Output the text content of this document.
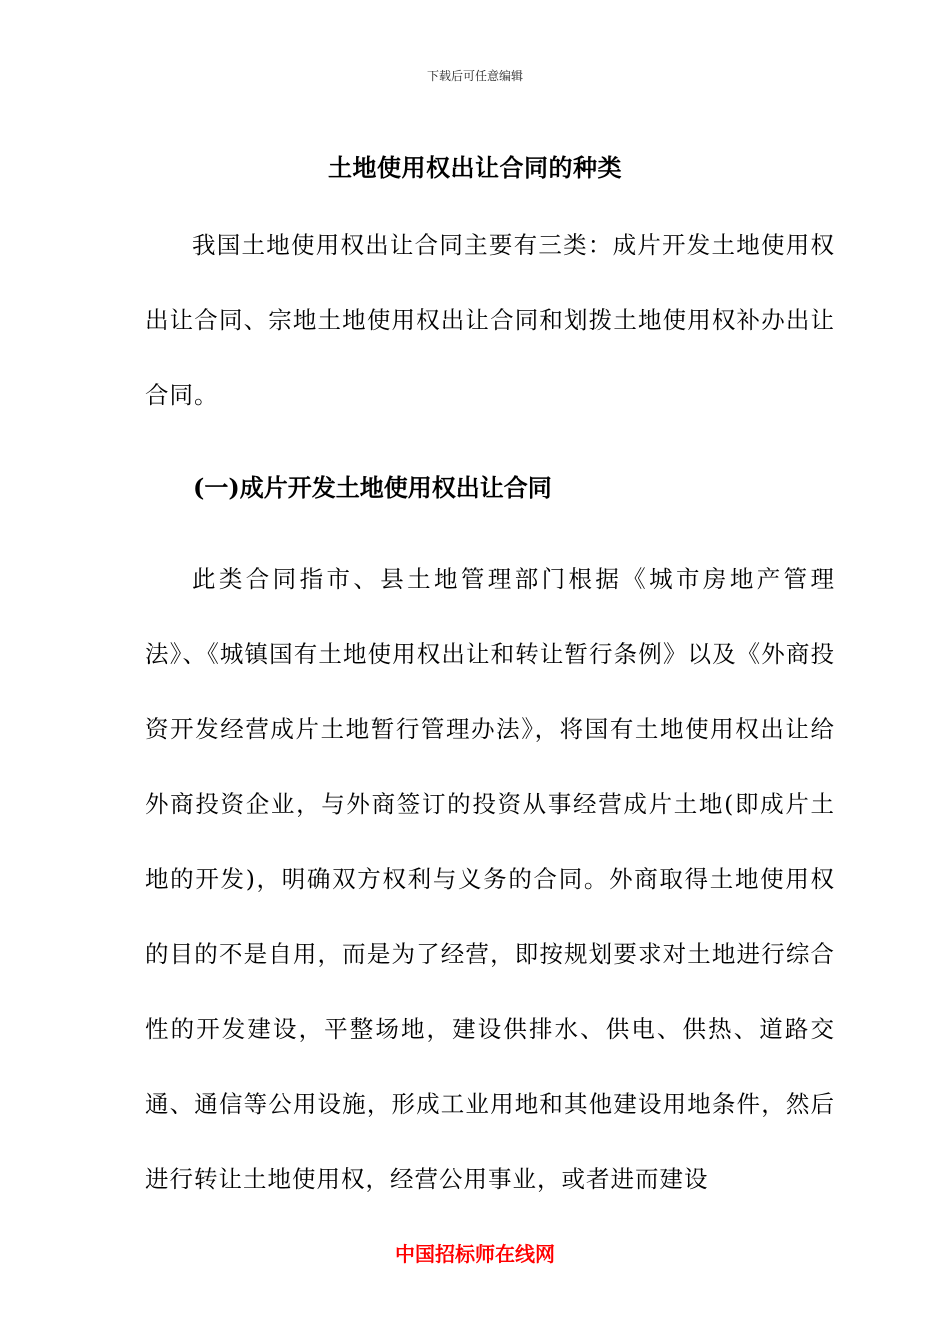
下载后可任意编辑
土地使用权出让合同的种类

我国土地使用权出让合同主要有三类：成片开发土地使用权出让合同、宗地土地使用权出让合同和划拨土地使用权补办出让合同。

(一)成片开发土地使用权出让合同

此类合同指市、县土地管理部门根据《城市房地产管理法》、《城镇国有土地使用权出让和转让暂行条例》以及《外商投资开发经营成片土地暂行管理办法》，将国有土地使用权出让给外商投资企业，与外商签订的投资从事经营成片土地(即成片土地的开发)，明确双方权利与义务的合同。外商取得土地使用权的目的不是自用，而是为了经营，即按规划要求对土地进行综合性的开发建设，平整场地，建设供排水、供电、供热、道路交通、通信等公用设施，形成工业用地和其他建设用地条件，然后进行转让土地使用权，经营公用事业，或者进而建设

中国招标师在线网
